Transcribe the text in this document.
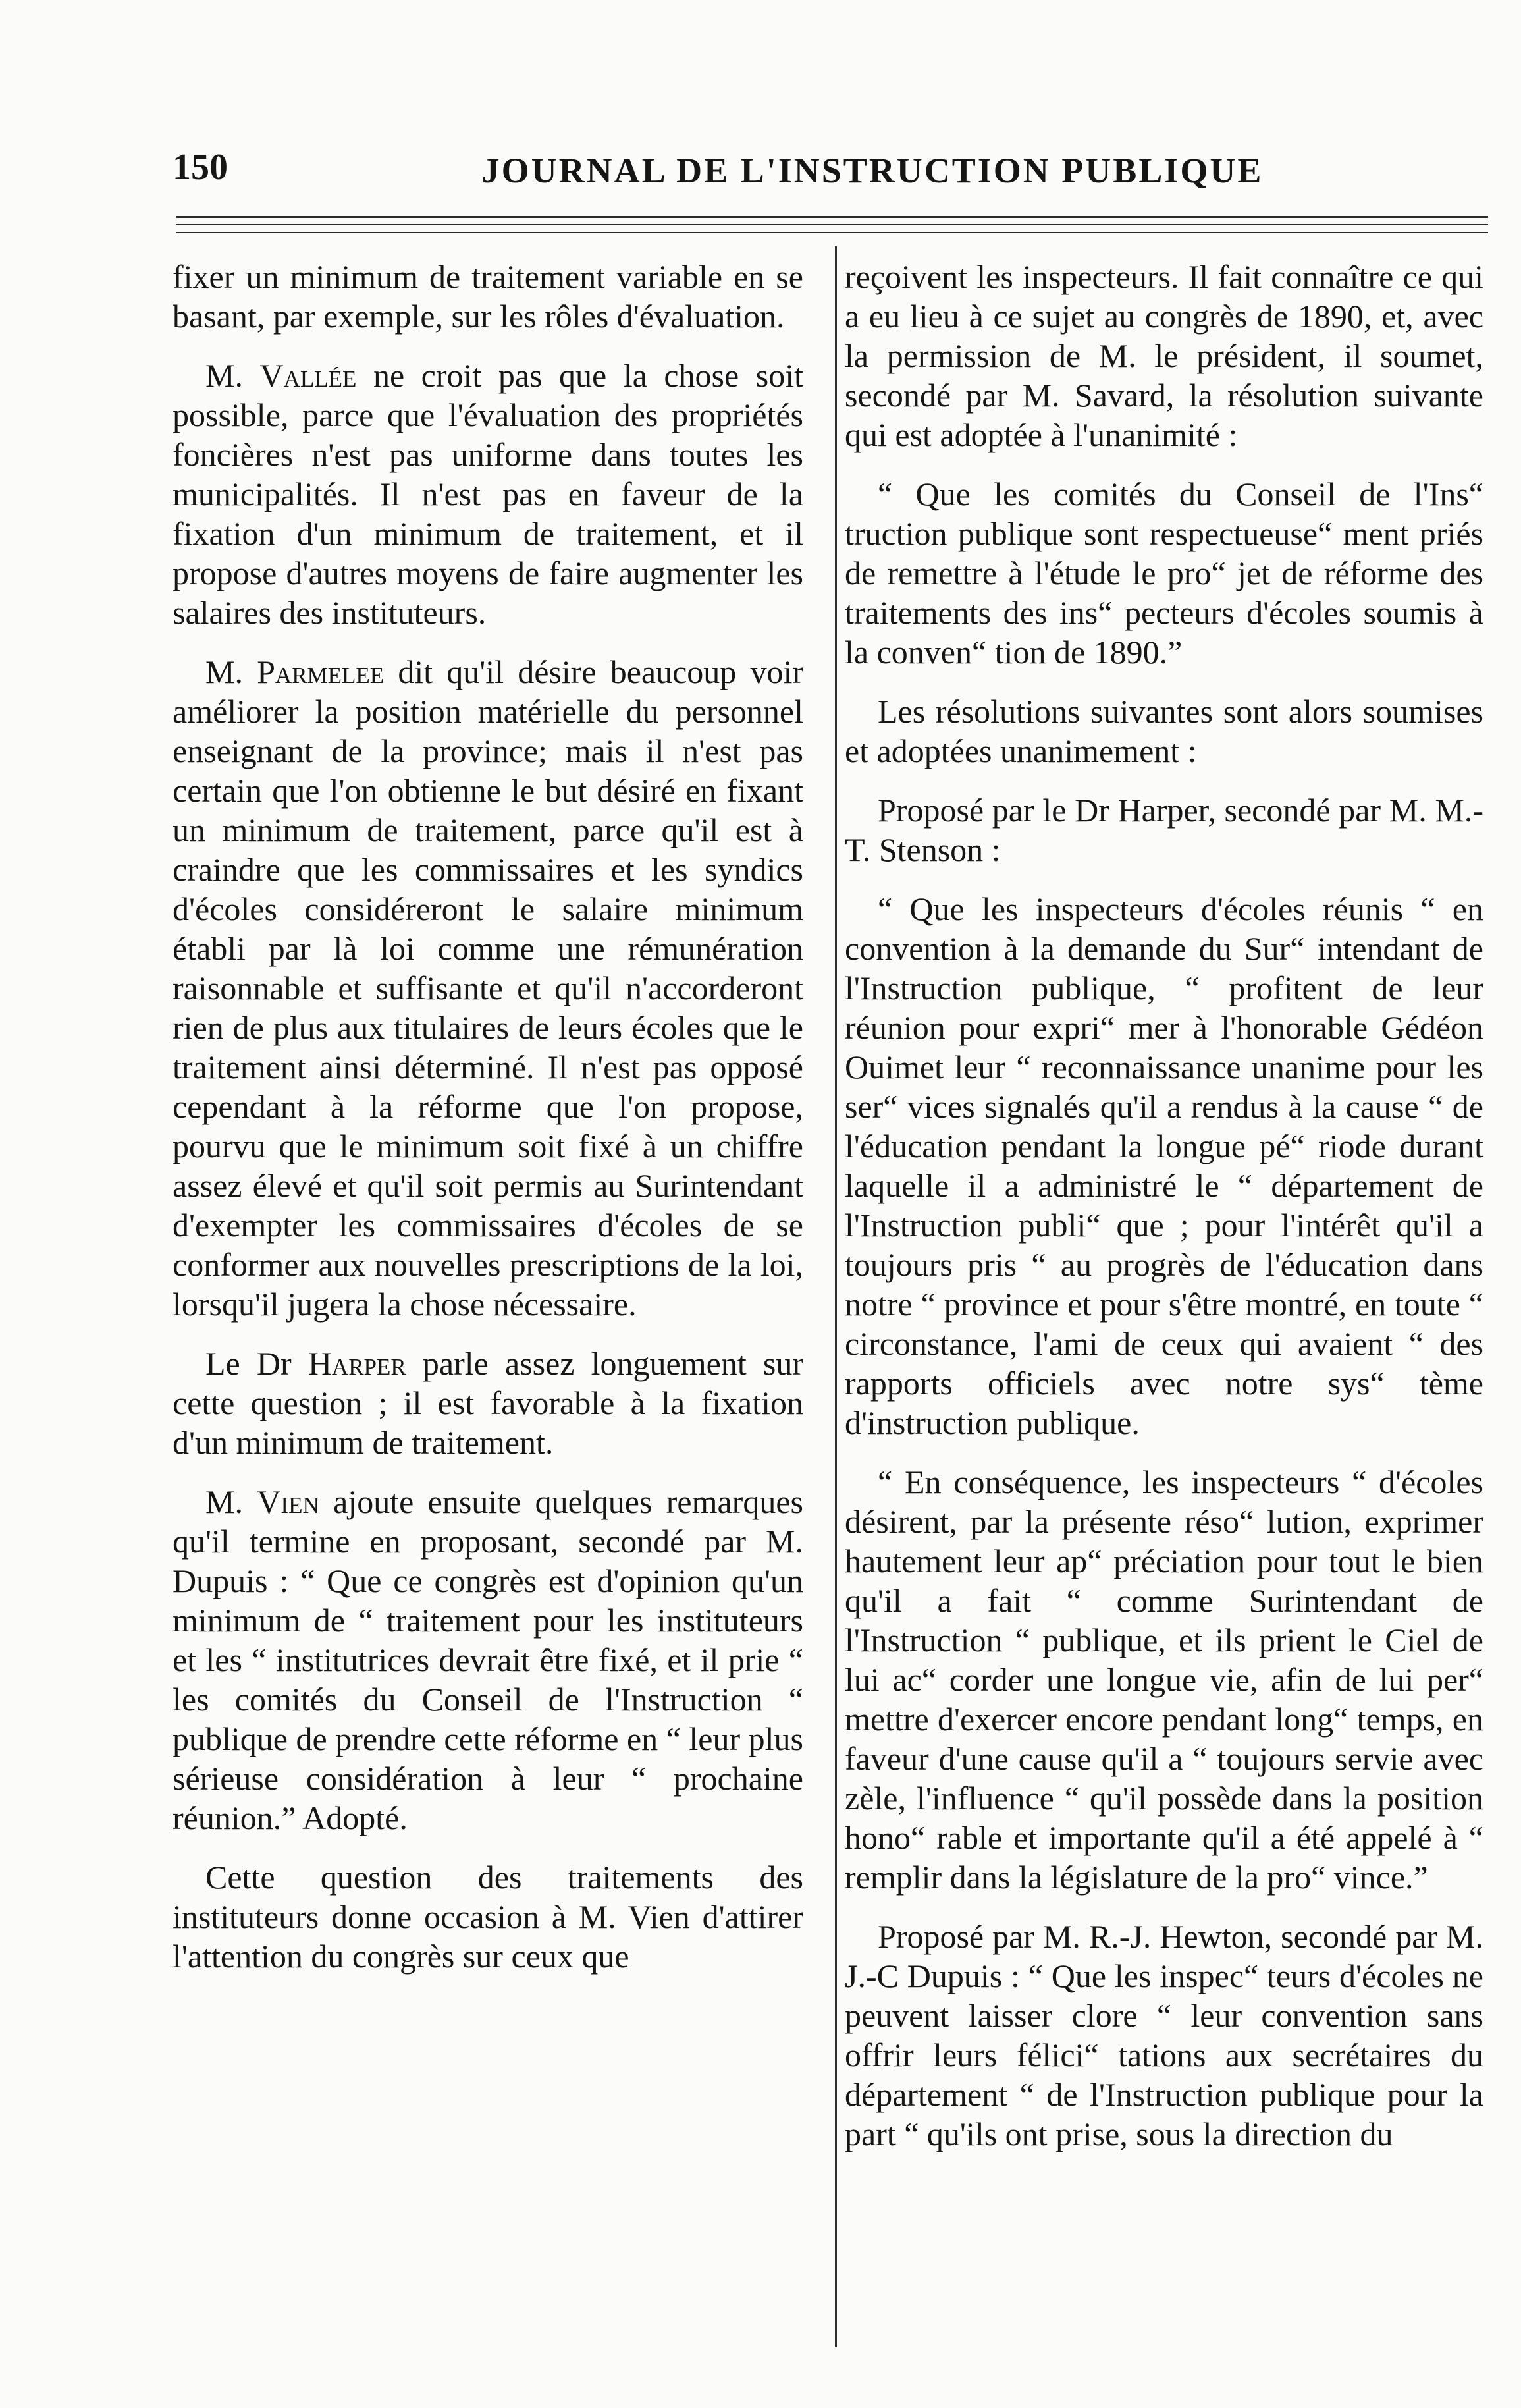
150	JOURNAL DE L'INSTRUCTION PUBLIQUE

fixer un minimum de traitement variable en se basant, par exemple, sur les rôles d'évaluation.

M. Vallée ne croit pas que la chose soit possible, parce que l'évaluation des propriétés foncières n'est pas uniforme dans toutes les municipalités. Il n'est pas en faveur de la fixation d'un minimum de traitement, et il propose d'autres moyens de faire augmenter les salaires des instituteurs.

M. Parmelee dit qu'il désire beaucoup voir améliorer la position matérielle du personnel enseignant de la province; mais il n'est pas certain que l'on obtienne le but désiré en fixant un minimum de traitement, parce qu'il est à craindre que les commissaires et les syndics d'écoles considéreront le salaire minimum établi par là loi comme une rémunération raisonnable et suffisante et qu'il n'accorderont rien de plus aux titulaires de leurs écoles que le traitement ainsi déterminé. Il n'est pas opposé cependant à la réforme que l'on propose, pourvu que le minimum soit fixé à un chiffre assez élevé et qu'il soit permis au Surintendant d'exempter les commissaires d'écoles de se conformer aux nouvelles prescriptions de la loi, lorsqu'il jugera la chose nécessaire.

Le Dr Harper parle assez longuement sur cette question ; il est favorable à la fixation d'un minimum de traitement.

M. Vien ajoute ensuite quelques remarques qu'il termine en proposant, secondé par M. Dupuis : “ Que ce congrès est d'opinion qu'un minimum de “ traitement pour les instituteurs et les “ institutrices devrait être fixé, et il prie “ les comités du Conseil de l'Instruction “ publique de prendre cette réforme en “ leur plus sérieuse considération à leur “ prochaine réunion.” Adopté.

Cette question des traitements des instituteurs donne occasion à M. Vien d'attirer l'attention du congrès sur ceux que

reçoivent les inspecteurs. Il fait connaître ce qui a eu lieu à ce sujet au congrès de 1890, et, avec la permission de M. le président, il soumet, secondé par M. Savard, la résolution suivante qui est adoptée à l'unanimité :

“ Que les comités du Conseil de l'Ins“ truction publique sont respectueuse“ ment priés de remettre à l'étude le pro“ jet de réforme des traitements des ins“ pecteurs d'écoles soumis à la conven“ tion de 1890.”

Les résolutions suivantes sont alors soumises et adoptées unanimement :

Proposé par le Dr Harper, secondé par M. M.-T. Stenson :

“ Que les inspecteurs d'écoles réunis “ en convention à la demande du Sur“ intendant de l'Instruction publique, “ profitent de leur réunion pour expri“ mer à l'honorable Gédéon Ouimet leur “ reconnaissance unanime pour les ser“ vices signalés qu'il a rendus à la cause “ de l'éducation pendant la longue pé“ riode durant laquelle il a administré le “ département de l'Instruction publi“ que ; pour l'intérêt qu'il a toujours pris “ au progrès de l'éducation dans notre “ province et pour s'être montré, en toute “ circonstance, l'ami de ceux qui avaient “ des rapports officiels avec notre sys“ tème d'instruction publique.

“ En conséquence, les inspecteurs “ d'écoles désirent, par la présente réso“ lution, exprimer hautement leur ap“ préciation pour tout le bien qu'il a fait “ comme Surintendant de l'Instruction “ publique, et ils prient le Ciel de lui ac“ corder une longue vie, afin de lui per“ mettre d'exercer encore pendant long“ temps, en faveur d'une cause qu'il a “ toujours servie avec zèle, l'influence “ qu'il possède dans la position hono“ rable et importante qu'il a été appelé à “ remplir dans la législature de la pro“ vince.”

Proposé par M. R.-J. Hewton, secondé par M. J.-C Dupuis : “ Que les inspec“ teurs d'écoles ne peuvent laisser clore “ leur convention sans offrir leurs félici“ tations aux secrétaires du département “ de l'Instruction publique pour la part “ qu'ils ont prise, sous la direction du
